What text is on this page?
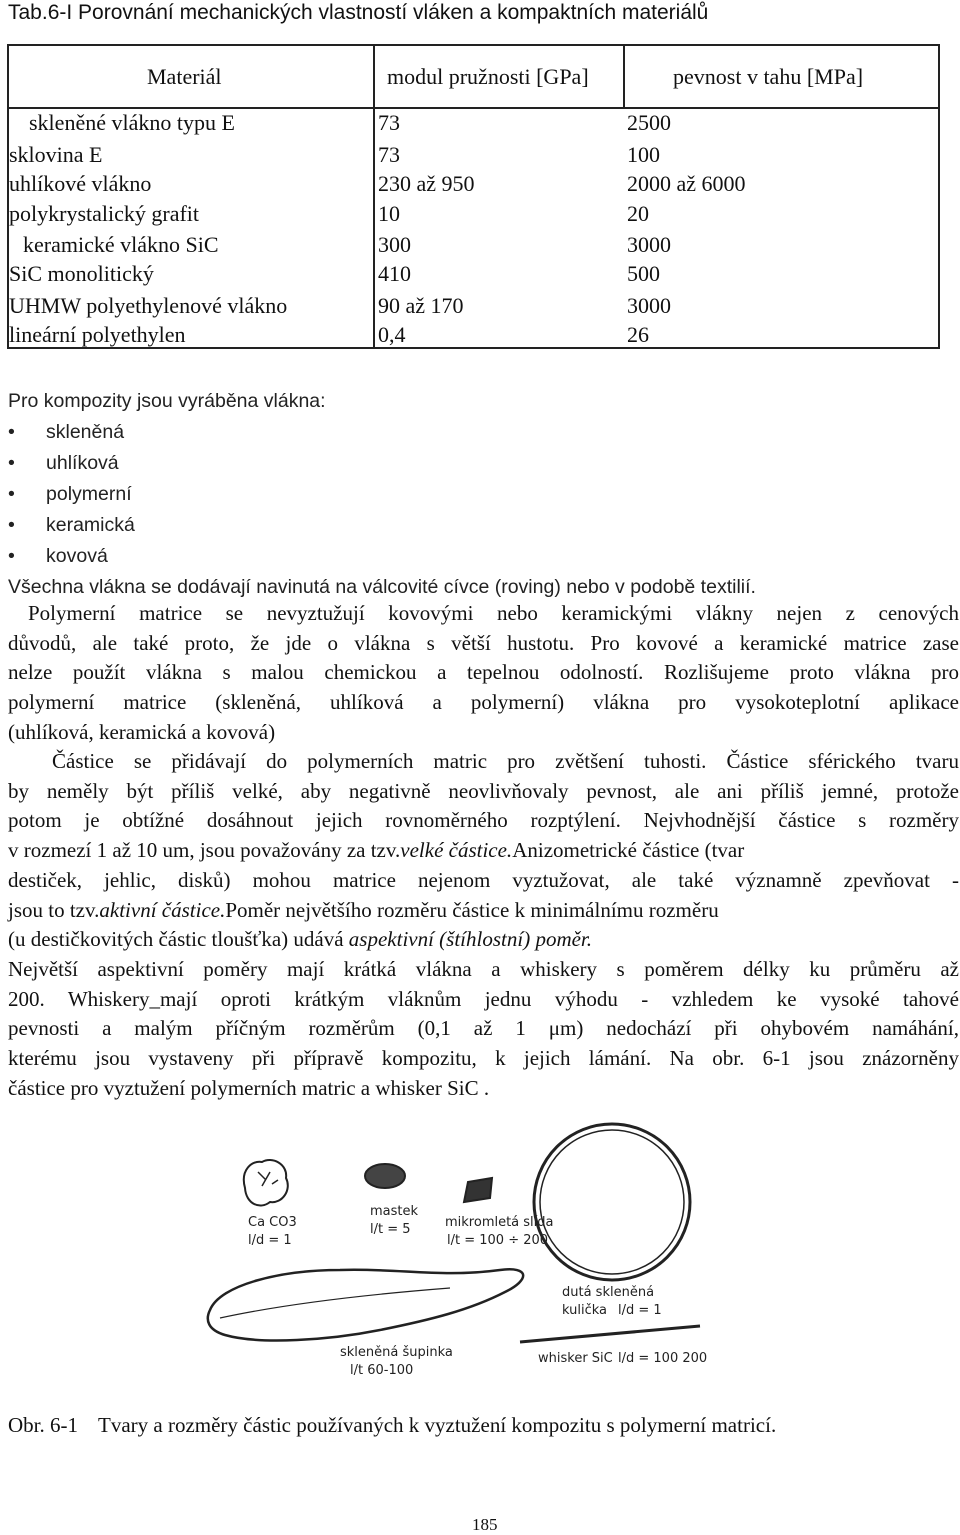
Tab.6-I Porovnání mechanických vlastností vláken a kompaktních materiálů
Materiál	modul pružnosti [GPa]	pevnost v tahu [MPa]
skleněné vlákno typu E	73	2500
sklovina E	73	100
uhlíkové vlákno	230 až 950	2000 až 6000
polykrystalický grafit	10	20
keramické vlákno SiC	300	3000
SiC monolitický	410	500
UHMW polyethylenové vlákno	90 až 170	3000
lineární polyethylen	0,4	26
Pro kompozity jsou vyráběna vlákna:
• skleněná
• uhlíková
• polymerní
• keramická
• kovová
Všechna vlákna se dodávají navinutá na válcovité cívce (roving) nebo v podobě textilií.
Polymerní matrice se nevyztužují kovovými nebo keramickými vlákny nejen z cenových
důvodů, ale také proto, že jde o vlákna s větší hustotu. Pro kovové a keramické matrice zase
nelze použít vlákna s malou chemickou a tepelnou odolností. Rozlišujeme proto vlákna pro
polymerní matrice (skleněná, uhlíková a polymerní) vlákna pro vysokoteplotní aplikace
(uhlíková, keramická a kovová)
Částice se přidávají do polymerních matric pro zvětšení tuhosti. Částice sférického tvaru
by neměly být příliš velké, aby negativně neovlivňovaly pevnost, ale ani příliš jemné, protože
potom je obtížné dosáhnout jejich rovnoměrného rozptýlení. Nejvhodnější částice s rozměry
v rozmezí 1 až 10 um, jsou považovány za tzv.velké částice.Anizometrické částice (tvar
destiček, jehlic, disků) mohou matrice nejenom vyztužovat, ale také významně zpevňovat -
jsou to tzv.aktivní částice.Poměr největšího rozměru částice k minimálnímu rozměru
(u destičkovitých částic tloušťka) udává aspektivní (štíhlostní) poměr.
Největší aspektivní poměry mají krátká vlákna a whiskery s poměrem délky ku průměru až
200. Whiskery_mají oproti krátkým vláknům jednu výhodu - vzhledem ke vysoké tahové
pevnosti a malým příčným rozměrům (0,1 až 1 μm) nedochází při ohybovém namáhání,
kterému jsou vystaveny při přípravě kompozitu, k jejich lámání. Na obr. 6-1 jsou znázorněny
částice pro vyztužení polymerních matric a whisker SiC .
Ca CO3
l/d = 1
mastek
l/t = 5	mikromletá slída
l/t = 100 ÷ 200
dutá skleněná
kulička l/d = 1
skleněná šupinka
l/t 60-100
whisker SiC l/d = 100 200
Obr. 6-1 Tvary a rozměry částic používaných k vyztužení kompozitu s polymerní matricí.
185
